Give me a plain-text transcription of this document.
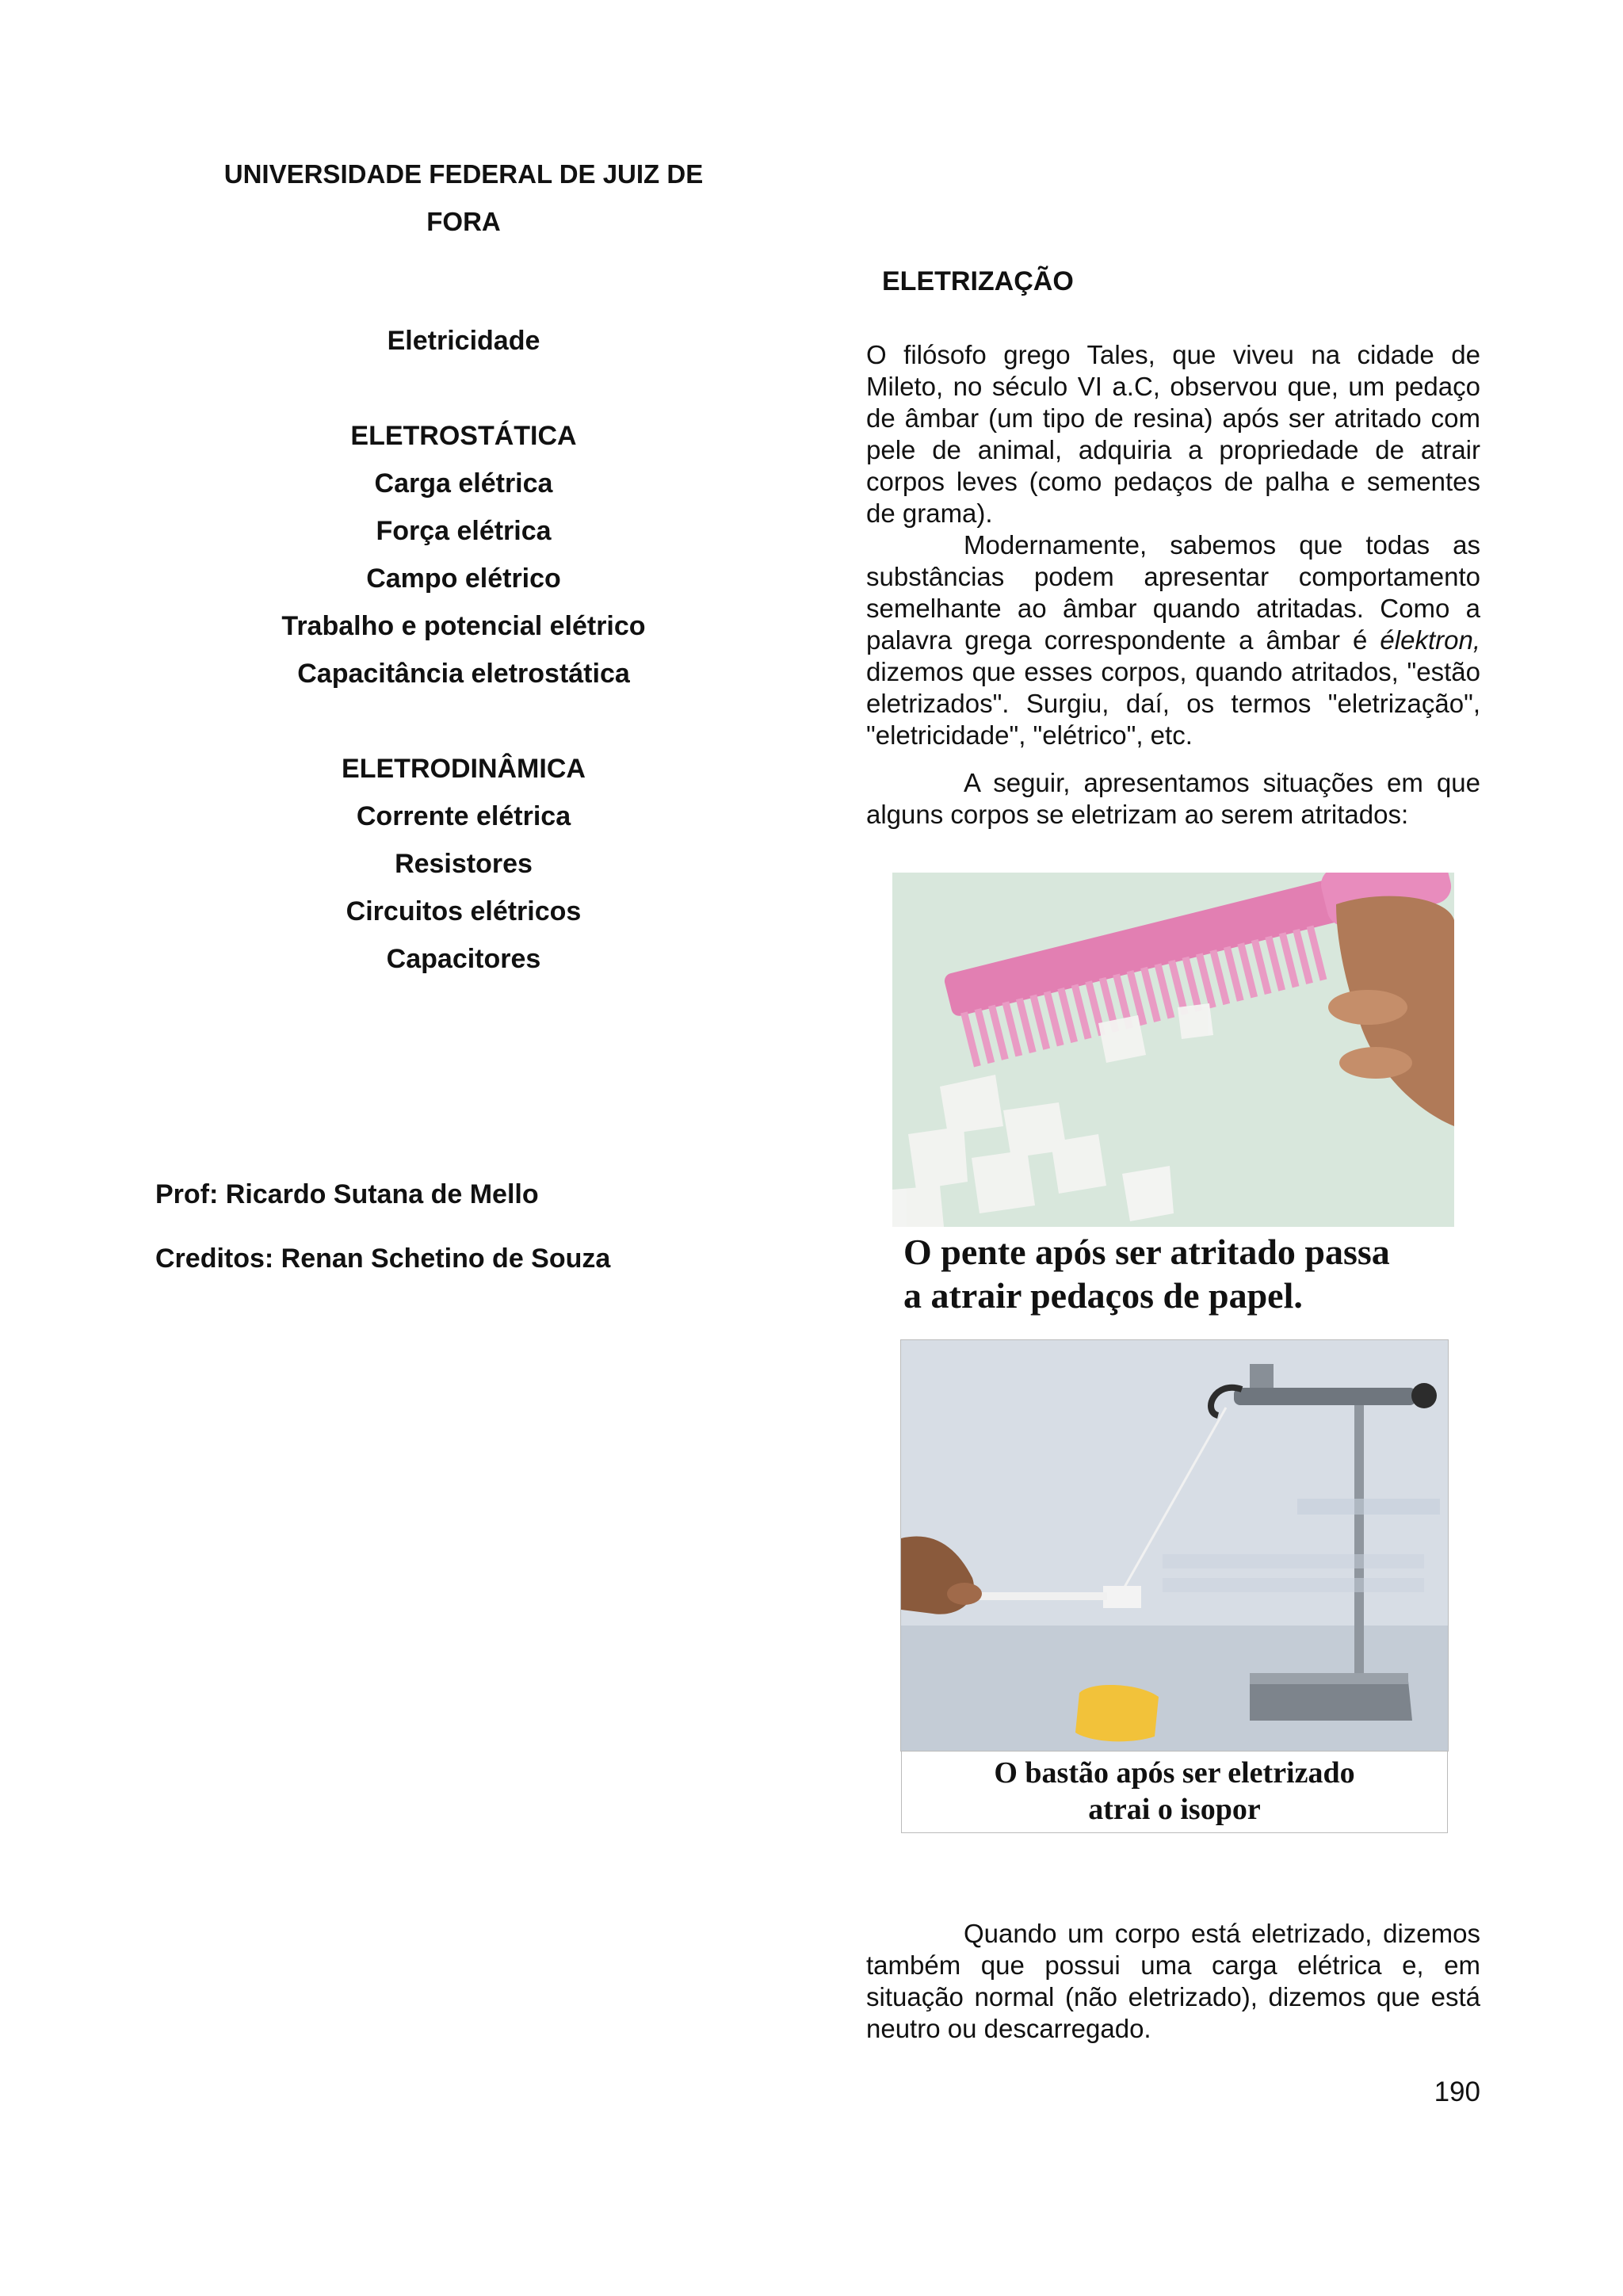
UNIVERSIDADE FEDERAL DE JUIZ DE
FORA
Eletricidade
ELETROSTÁTICA
Carga elétrica
Força elétrica
Campo elétrico
Trabalho e potencial elétrico
Capacitância eletrostática
ELETRODINÂMICA
Corrente elétrica
Resistores
Circuitos elétricos
Capacitores
Prof: Ricardo Sutana de Mello
Creditos: Renan Schetino de Souza
ELETRIZAÇÃO

O filósofo grego Tales, que viveu na cidade de Mileto, no século VI a.C, observou que, um pedaço de âmbar (um tipo de resina) após ser atritado com pele de animal, adquiria a propriedade de atrair corpos leves (como pedaços de palha e sementes de grama).

Modernamente, sabemos que todas as substâncias podem apresentar comportamento semelhante ao âmbar quando atritadas. Como a palavra grega correspondente a âmbar é élektron, dizemos que esses corpos, quando atritados, "estão eletrizados". Surgiu, daí, os termos "eletrização", "eletricidade", "elétrico", etc.

A seguir, apresentamos situações em que alguns corpos se eletrizam ao serem atritados:

O pente após ser atritado passa
a atrair pedaços de papel.
O bastão após ser eletrizado
atrai o isopor

Quando um corpo está eletrizado, dizemos também que possui uma carga elétrica e, em situação normal (não eletrizado), dizemos que está neutro ou descarregado.

190
